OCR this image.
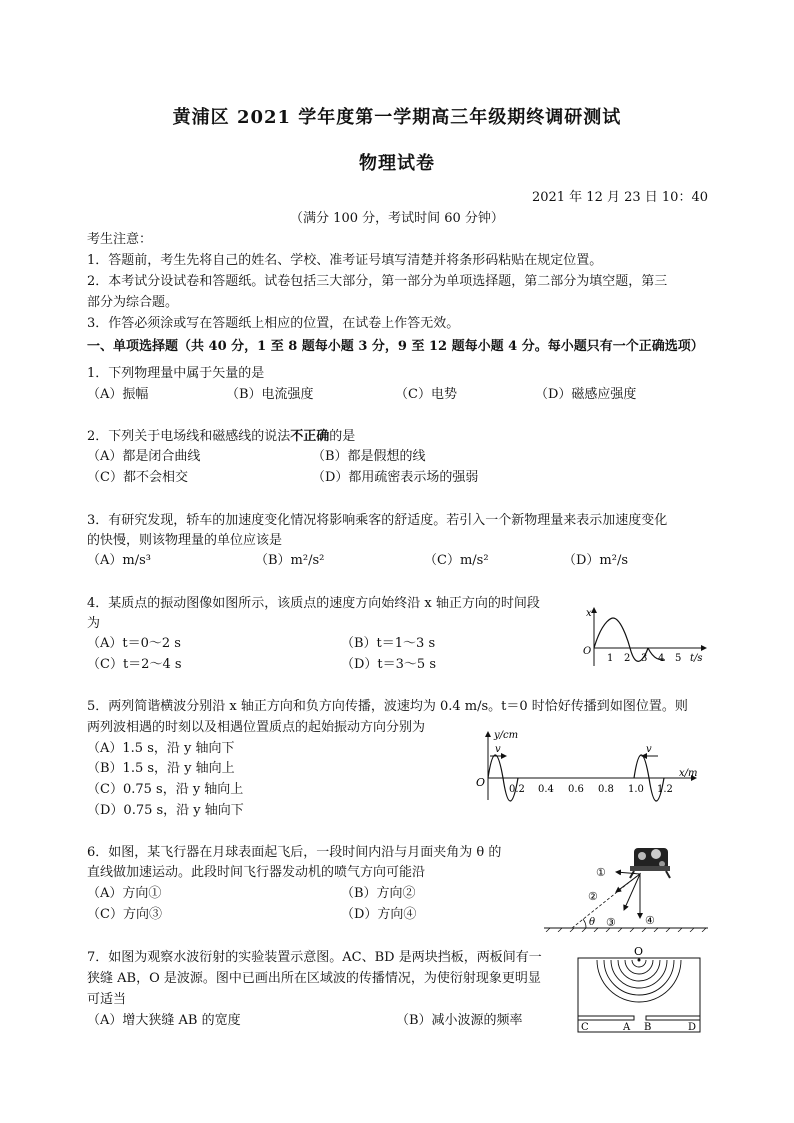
黄浦区 2021 学年度第一学期高三年级期终调研测试
物理试卷
2021 年 12 月 23 日 10：40
（满分 100 分，考试时间 60 分钟）
考生注意：
1．答题前，考生先将自己的姓名、学校、准考证号填写清楚并将条形码粘贴在规定位置。
2．本考试分设试卷和答题纸。试卷包括三大部分，第一部分为单项选择题，第二部分为填空题，第三
部分为综合题。
3．作答必须涂或写在答题纸上相应的位置，在试卷上作答无效。
一、单项选择题（共 40 分，1 至 8 题每小题 3 分，9 至 12 题每小题 4 分。每小题只有一个正确选项）
1．下列物理量中属于矢量的是
（A）振幅	（B）电流强度	（C）电势	（D）磁感应强度
2．下列关于电场线和磁感线的说法不正确的是
（A）都是闭合曲线	（B）都是假想的线
（C）都不会相交	（D）都用疏密表示场的强弱
3．有研究发现，轿车的加速度变化情况将影响乘客的舒适度。若引入一个新物理量来表示加速度变化
的快慢，则该物理量的单位应该是
（A）m/s³	（B）m²/s²	（C）m/s²	（D）m²/s
4．某质点的振动图像如图所示，该质点的速度方向始终沿 x 轴正方向的时间段
为
（A）t＝0～2 s	（B）t＝1～3 s
（C）t＝2～4 s	（D）t＝3～5 s
x
O
1 2 3 4 5 t/s
5．两列简谐横波分别沿 x 轴正方向和负方向传播，波速均为 0.4 m/s。t＝0 时恰好传播到如图位置。则
两列波相遇的时刻以及相遇位置质点的起始振动方向分别为
（A）1.5 s，沿 y 轴向下
（B）1.5 s，沿 y 轴向上
（C）0.75 s，沿 y 轴向上
（D）0.75 s，沿 y 轴向下
y/cm
x/m
O
v	v
0.2 0.4 0.6 0.8 1.0 1.2
6．如图，某飞行器在月球表面起飞后，一段时间内沿与月面夹角为 θ 的
直线做加速运动。此段时间飞行器发动机的喷气方向可能沿
（A）方向①	（B）方向②
（C）方向③	（D）方向④
θ
①
②
③	④
7．如图为观察水波衍射的实验装置示意图。AC、BD 是两块挡板，两板间有一
狭缝 AB，O 是波源。图中已画出所在区域波的传播情况，为使衍射现象更明显
可适当
（A）增大狭缝 AB 的宽度	（B）减小波源的频率
O
C	A B	D
